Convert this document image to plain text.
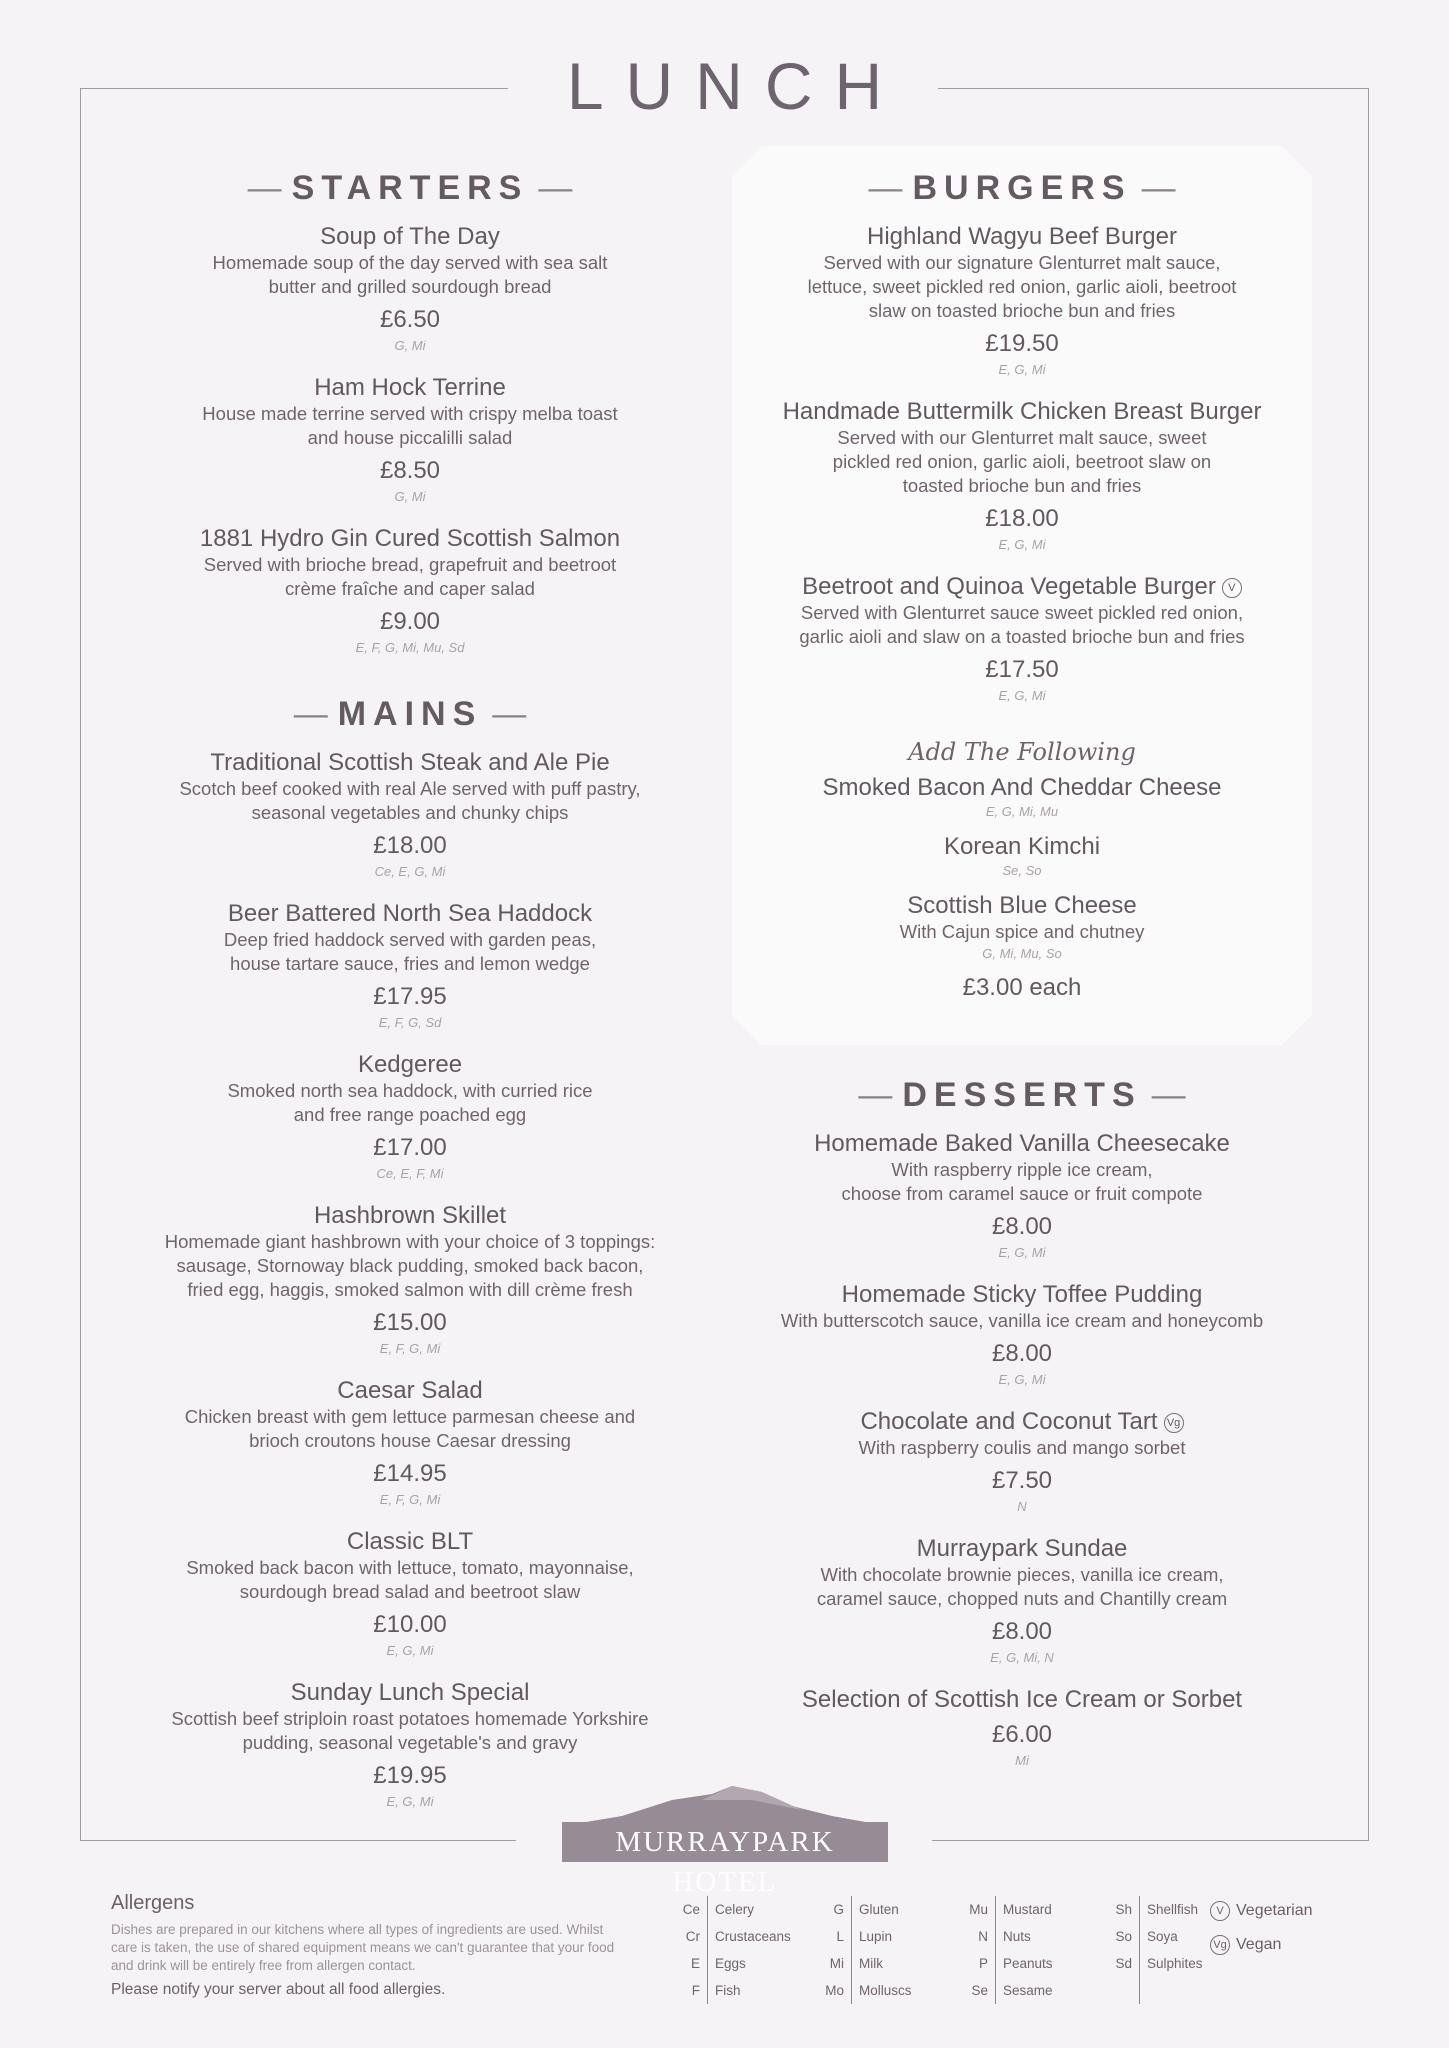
LUNCH
— STARTERS —
Soup of The Day
Homemade soup of the day served with sea salt
butter and grilled sourdough bread
£6.50
G, Mi
Ham Hock Terrine
House made terrine served with crispy melba toast
and house piccalilli salad
£8.50
G, Mi
1881 Hydro Gin Cured Scottish Salmon
Served with brioche bread, grapefruit and beetroot
crème fraîche and caper salad
£9.00
E, F, G, Mi, Mu, Sd
— MAINS —
Traditional Scottish Steak and Ale Pie
Scotch beef cooked with real Ale served with puff pastry,
seasonal vegetables and chunky chips
£18.00
Ce, E, G, Mi
Beer Battered North Sea Haddock
Deep fried haddock served with garden peas,
house tartare sauce, fries and lemon wedge
£17.95
E, F, G, Sd
Kedgeree
Smoked north sea haddock, with curried rice
and free range poached egg
£17.00
Ce, E, F, Mi
Hashbrown Skillet
Homemade giant hashbrown with your choice of 3 toppings:
sausage, Stornoway black pudding, smoked back bacon,
fried egg, haggis, smoked salmon with dill crème fresh
£15.00
E, F, G, Mi
Caesar Salad
Chicken breast with gem lettuce parmesan cheese and
brioch croutons house Caesar dressing
£14.95
E, F, G, Mi
Classic BLT
Smoked back bacon with lettuce, tomato, mayonnaise,
sourdough bread salad and beetroot slaw
£10.00
E, G, Mi
Sunday Lunch Special
Scottish beef striploin roast potatoes homemade Yorkshire
pudding, seasonal vegetable's and gravy
£19.95
E, G, Mi
— BURGERS —
Highland Wagyu Beef Burger
Served with our signature Glenturret malt sauce,
lettuce, sweet pickled red onion, garlic aioli, beetroot
slaw on toasted brioche bun and fries
£19.50
E, G, Mi
Handmade Buttermilk Chicken Breast Burger
Served with our Glenturret malt sauce, sweet
pickled red onion, garlic aioli, beetroot slaw on
toasted brioche bun and fries
£18.00
E, G, Mi
Beetroot and Quinoa Vegetable Burger V
Served with Glenturret sauce sweet pickled red onion,
garlic aioli and slaw on a toasted brioche bun and fries
£17.50
E, G, Mi
Add The Following
Smoked Bacon And Cheddar Cheese
E, G, Mi, Mu
Korean Kimchi
Se, So
Scottish Blue Cheese
With Cajun spice and chutney
G, Mi, Mu, So
£3.00 each
— DESSERTS —
Homemade Baked Vanilla Cheesecake
With raspberry ripple ice cream,
choose from caramel sauce or fruit compote
£8.00
E, G, Mi
Homemade Sticky Toffee Pudding
With butterscotch sauce, vanilla ice cream and honeycomb
£8.00
E, G, Mi
Chocolate and Coconut Tart Vg
With raspberry coulis and mango sorbet
£7.50
N
Murraypark Sundae
With chocolate brownie pieces, vanilla ice cream,
caramel sauce, chopped nuts and Chantilly cream
£8.00
E, G, Mi, N
Selection of Scottish Ice Cream or Sorbet
£6.00
Mi
MURRAYPARK HOTEL
Allergens

Dishes are prepared in our kitchens where all types of ingredients are used. Whilst care is taken, the use of shared equipment means we can't guarantee that your food and drink will be entirely free from allergen contact.

Please notify your server about all food allergies.

Ce
Cr
E
F
Celery
Crustaceans
Eggs
Fish
G
L
Mi
Mo
Gluten
Lupin
Milk
Molluscs
Mu
N
P
Se
Mustard
Nuts
Peanuts
Sesame
Sh
So
Sd
Shellfish
Soya
Sulphites
V Vegetarian
Vg Vegan
